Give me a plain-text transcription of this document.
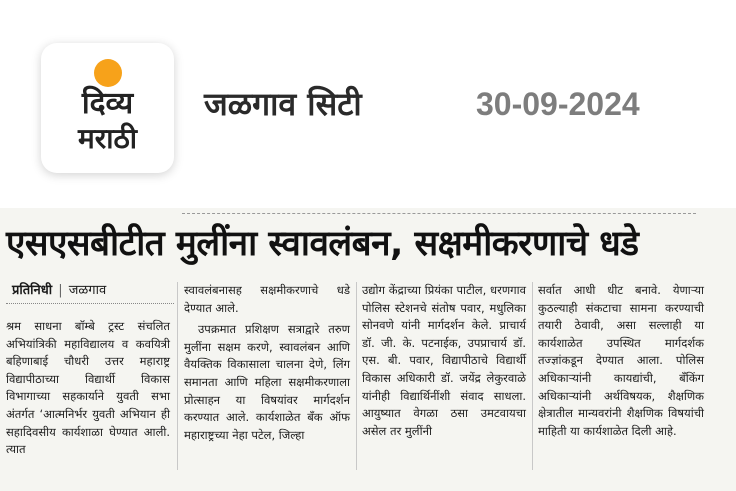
दिव्य
मराठी
जळगाव सिटी	30-09-2024
एसएसबीटीत मुलींना स्वावलंबन, सक्षमीकरणाचे धडे
प्रतिनिधी | जळगाव

श्रम साधना बॉम्बे ट्रस्ट संचलित अभियांत्रिकी महाविद्यालय व कवयित्री बहिणाबाई चौधरी उत्तर महाराष्ट्र विद्यापीठाच्या विद्यार्थी विकास विभागाच्या सहकार्याने युवती सभा अंतर्गत ‘आत्मनिर्भर युवती अभियान ही सहादिवसीय कार्यशाळा घेण्यात आली. त्यात

स्वावलंबनासह सक्षमीकरणाचे धडे देण्यात आले.

उपक्रमात प्रशिक्षण सत्राद्वारे तरुण मुलींना सक्षम करणे, स्वावलंबन आणि वैयक्तिक विकासाला चालना देणे, लिंग समानता आणि महिला सक्षमीकरणाला प्रोत्साहन या विषयांवर मार्गदर्शन करण्यात आले. कार्यशाळेत बँक ऑफ महाराष्ट्रच्या नेहा पटेल, जिल्हा

उद्योग केंद्राच्या प्रियंका पाटील, धरणगाव पोलिस स्टेशनचे संतोष पवार, मधुलिका सोनवणे यांनी मार्गदर्शन केले. प्राचार्य डॉ. जी. के. पटनाईक, उपप्राचार्य डॉ. एस. बी. पवार, विद्यापीठाचे विद्यार्थी विकास अधिकारी डॉ. जयेंद्र लेकुरवाळे यांनीही विद्यार्थिनींशी संवाद साधला. आयुष्यात वेगळा ठसा उमटवायचा असेल तर मुलींनी

सर्वात आधी धीट बनावे. येणाऱ्या कुठल्याही संकटाचा सामना करण्याची तयारी ठेवावी, असा सल्लाही या कार्यशाळेत उपस्थित मार्गदर्शक तज्ज्ञांकडून देण्यात आला. पोलिस अधिकाऱ्यांनी कायद्यांची, बँकिंग अधिकाऱ्यांनी अर्थविषयक, शैक्षणिक क्षेत्रातील मान्यवरांनी शैक्षणिक विषयांची माहिती या कार्यशाळेत दिली आहे.
